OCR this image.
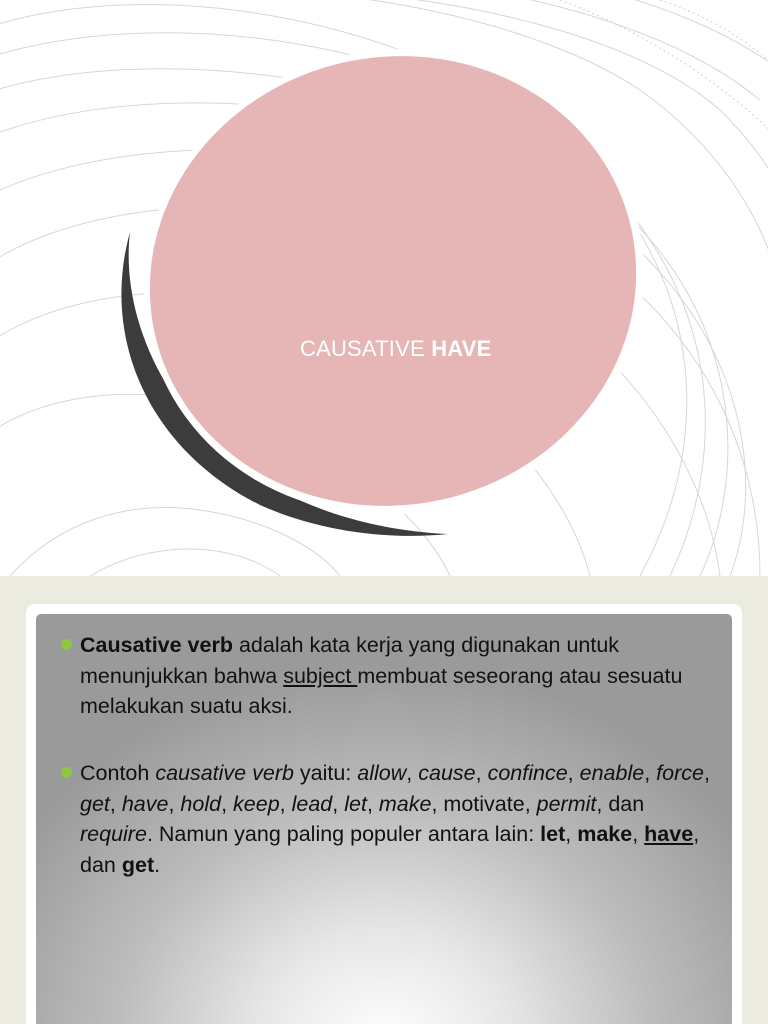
CAUSATIVE HAVE
Causative verb adalah kata kerja yang digunakan untuk menunjukkan bahwa subject membuat seseorang atau sesuatu melakukan suatu aksi.
Contoh causative verb yaitu: allow, cause, confince, enable, force, get, have, hold, keep, lead, let, make, motivate, permit, dan require. Namun yang paling populer antara lain: let, make, have, dan get.
